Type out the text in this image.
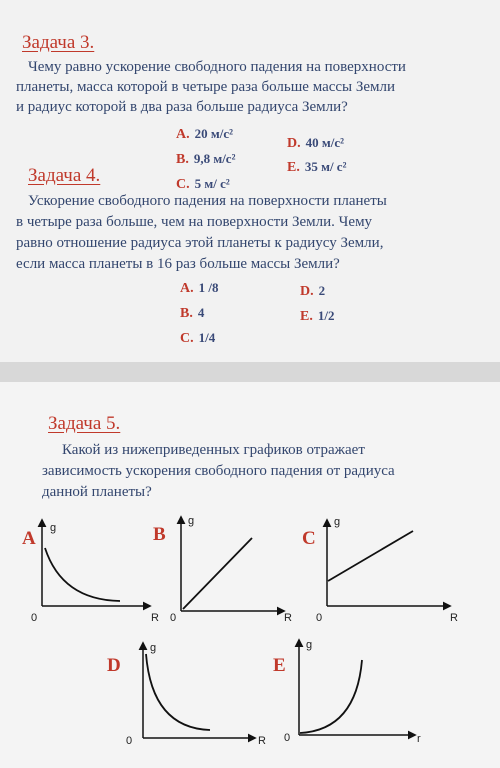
Задача 3.
Чему равно ускорение свободного падения на поверхности
планеты, масса которой в четыре раза больше массы Земли
и радиус которой в два раза больше радиуса Земли?
A. 20 м/с²
B. 9,8 м/с²
C. 5 м/ с²
D. 40 м/с²
E. 35 м/ с²
Задача 4.
Ускорение свободного падения на поверхности планеты
в четыре раза больше, чем на поверхности Земли. Чему
равно отношение радиуса этой планеты к радиусу Земли,
если масса планеты в 16 раз больше массы Земли?
A. 1 /8
B. 4
C. 1/4
D. 2
E. 1/2
Задача 5.
Какой из нижеприведенных графиков отражает
зависимость ускорения свободного падения от радиуса
данной планеты?
A	B	C
D	E
g
R
0
g
R
0
g
R
0
g
R
0
g
r
0
